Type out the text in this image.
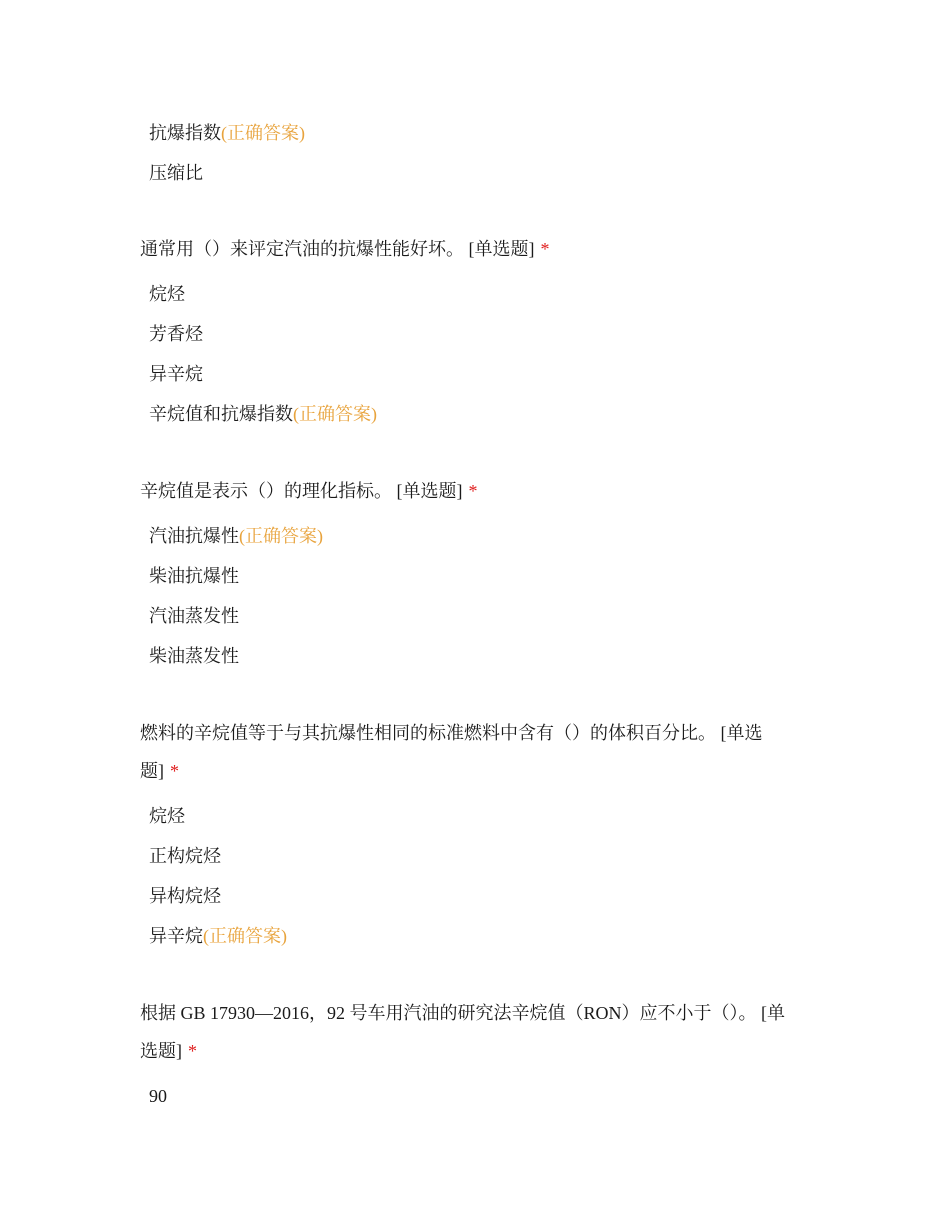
抗爆指数(正确答案)

压缩比

通常用（）来评定汽油的抗爆性能好坏。 [单选题] *

烷烃

芳香烃

异辛烷

辛烷值和抗爆指数(正确答案)

辛烷值是表示（）的理化指标。 [单选题] *

汽油抗爆性(正确答案)

柴油抗爆性

汽油蒸发性

柴油蒸发性

燃料的辛烷值等于与其抗爆性相同的标准燃料中含有（）的体积百分比。 [单选题] *

烷烃

正构烷烃

异构烷烃

异辛烷(正确答案)

根据 GB 17930—2016，92 号车用汽油的研究法辛烷值（RON）应不小于（）。 [单选题] *

90
